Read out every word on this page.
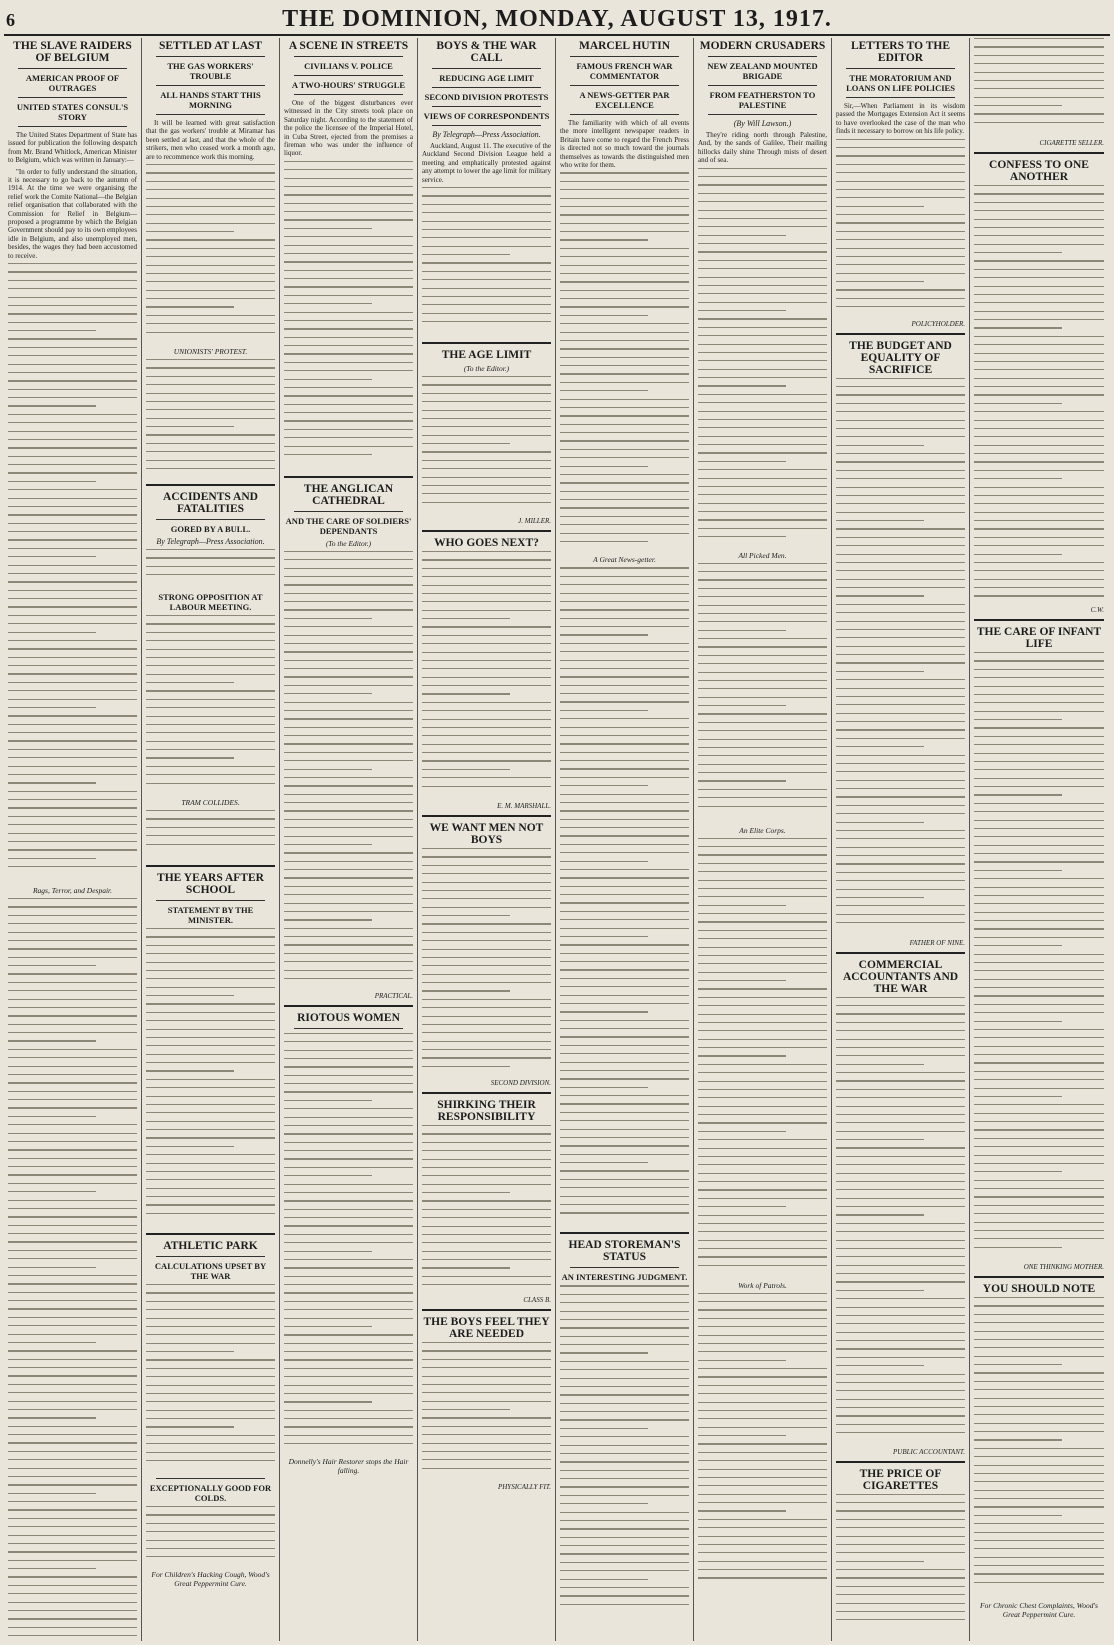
6	THE DOMINION, MONDAY, AUGUST 13, 1917.
THE SLAVE RAIDERS OF BELGIUM
AMERICAN PROOF OF OUTRAGES
UNITED STATES CONSUL'S STORY

The United States Department of State has issued for publication the following despatch from Mr. Brand Whitlock, American Minister to Belgium, which was written in January:—

"In order to fully understand the situation, it is necessary to go back to the autumn of 1914. At the time we were organising the relief work the Comite National—the Belgian relief organisation that collaborated with the Commission for Relief in Belgium—proposed a programme by which the Belgian Government should pay to its own employees idle in Belgium, and also unemployed men, besides, the wages they had been accustomed to receive.

Rags, Terror, and Despair.
SETTLED AT LAST
THE GAS WORKERS' TROUBLE
ALL HANDS START THIS MORNING

It will be learned with great satisfaction that the gas workers' trouble at Miramar has been settled at last, and that the whole of the strikers, men who ceased work a month ago, are to recommence work this morning.

UNIONISTS' PROTEST.
ACCIDENTS AND FATALITIES
GORED BY A BULL.
By Telegraph—Press Association.
STRONG OPPOSITION AT LABOUR MEETING.
TRAM COLLIDES.
THE YEARS AFTER SCHOOL
STATEMENT BY THE MINISTER.
ATHLETIC PARK
CALCULATIONS UPSET BY THE WAR
EXCEPTIONALLY GOOD FOR COLDS.
For Children's Hacking Cough, Wood's Great Peppermint Cure.
A SCENE IN STREETS
CIVILIANS V. POLICE
A TWO-HOURS' STRUGGLE

One of the biggest disturbances ever witnessed in the City streets took place on Saturday night. According to the statement of the police the licensee of the Imperial Hotel, in Cuba Street, ejected from the premises a fireman who was under the influence of liquor.

THE ANGLICAN CATHEDRAL
AND THE CARE OF SOLDIERS' DEPENDANTS
(To the Editor.)
PRACTICAL.
RIOTOUS WOMEN
Donnelly's Hair Restorer stops the Hair falling.
BOYS & THE WAR CALL
REDUCING AGE LIMIT
SECOND DIVISION PROTESTS
VIEWS OF CORRESPONDENTS
By Telegraph—Press Association.

Auckland, August 11. The executive of the Auckland Second Division League held a meeting and emphatically protested against any attempt to lower the age limit for military service.

THE AGE LIMIT
(To the Editor.)
J. MILLER.
WHO GOES NEXT?
E. M. MARSHALL.
WE WANT MEN NOT BOYS
SECOND DIVISION.
SHIRKING THEIR RESPONSIBILITY
CLASS B.
THE BOYS FEEL THEY ARE NEEDED
PHYSICALLY FIT.
MARCEL HUTIN
FAMOUS FRENCH WAR COMMENTATOR
A NEWS-GETTER PAR EXCELLENCE

The familiarity with which of all events the more intelligent newspaper readers in Britain have come to regard the French Press is directed not so much toward the journals themselves as towards the distinguished men who write for them.

A Great News-getter.
HEAD STOREMAN'S STATUS
AN INTERESTING JUDGMENT.
MODERN CRUSADERS
NEW ZEALAND MOUNTED BRIGADE
FROM FEATHERSTON TO PALESTINE
(By Will Lawson.)

They're riding north through Palestine, And, by the sands of Galilee, Their mailing hillocks daily shine Through mists of desert and of sea.

All Picked Men.
An Elite Corps.
Work of Patrols.
LETTERS TO THE EDITOR
THE MORATORIUM AND LOANS ON LIFE POLICIES

Sir,—When Parliament in its wisdom passed the Mortgages Extension Act it seems to have overlooked the case of the man who finds it necessary to borrow on his life policy.

POLICYHOLDER.
THE BUDGET AND EQUALITY OF SACRIFICE
FATHER OF NINE.
COMMERCIAL ACCOUNTANTS AND THE WAR
PUBLIC ACCOUNTANT.
THE PRICE OF CIGARETTES
CIGARETTE SELLER.
CONFESS TO ONE ANOTHER
C.W.
THE CARE OF INFANT LIFE
ONE THINKING MOTHER.
YOU SHOULD NOTE
For Chronic Chest Complaints, Wood's Great Peppermint Cure.
